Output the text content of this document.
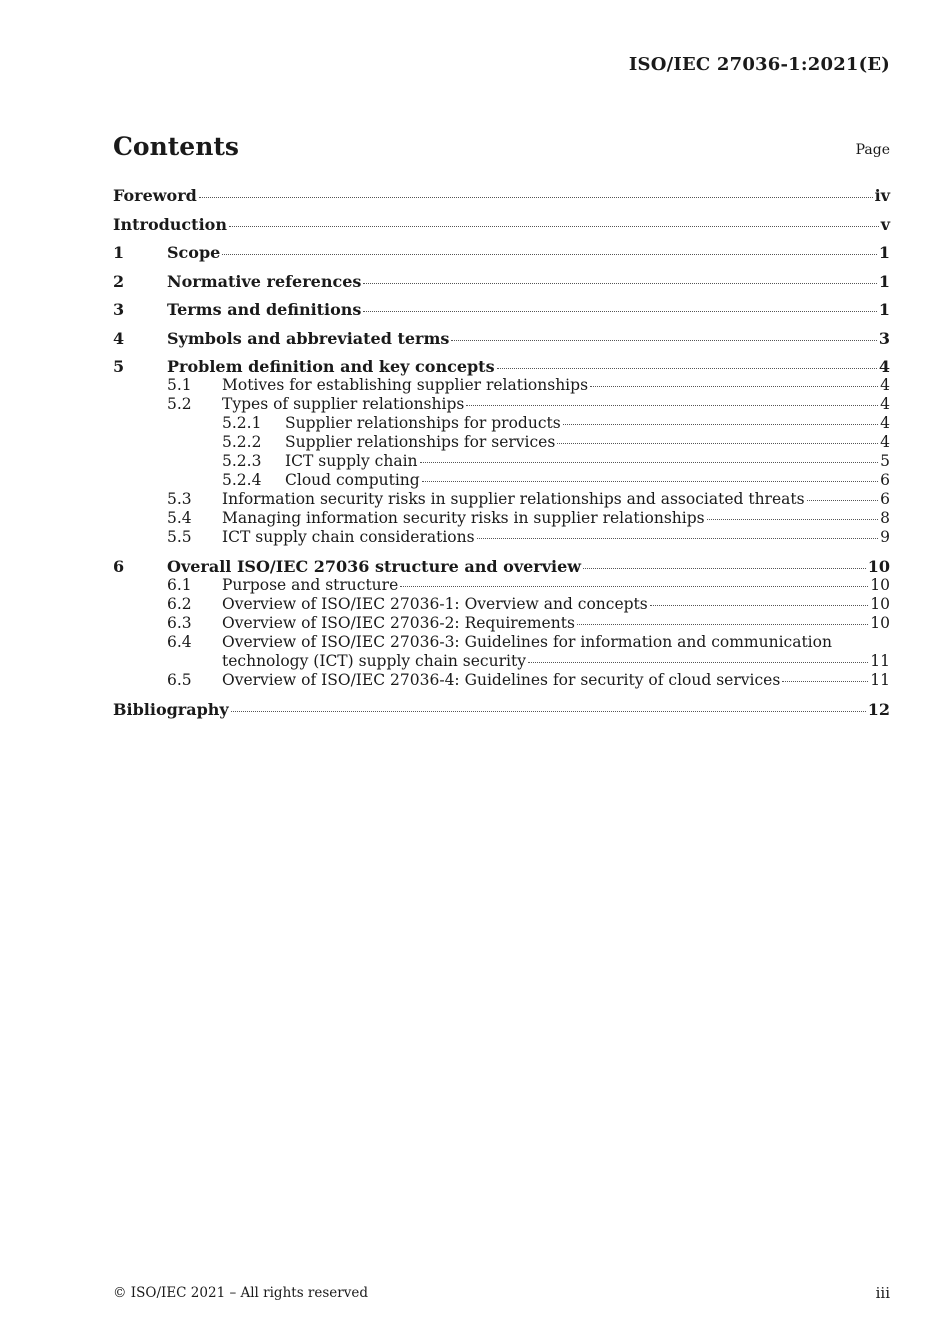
ISO/IEC 27036-1:2021(E)
Contents	Page
Foreword	iv
Introduction	v
1	Scope	1
2	Normative references	1
3	Terms and definitions	1
4	Symbols and abbreviated terms	3
5	Problem definition and key concepts	4
5.1	Motives for establishing supplier relationships	4
5.2	Types of supplier relationships	4
5.2.1	Supplier relationships for products	4
5.2.2	Supplier relationships for services	4
5.2.3	ICT supply chain	5
5.2.4	Cloud computing	6
5.3	Information security risks in supplier relationships and associated threats	6
5.4	Managing information security risks in supplier relationships	8
5.5	ICT supply chain considerations	9
6	Overall ISO/IEC 27036 structure and overview	10
6.1	Purpose and structure	10
6.2	Overview of ISO/IEC 27036-1: Overview and concepts	10
6.3	Overview of ISO/IEC 27036-2: Requirements	10
6.4	Overview of ISO/IEC 27036-3: Guidelines for information and communication
technology (ICT) supply chain security	11
6.5	Overview of ISO/IEC 27036-4: Guidelines for security of cloud services	11
Bibliography	12
© ISO/IEC 2021 – All rights reserved	iii
